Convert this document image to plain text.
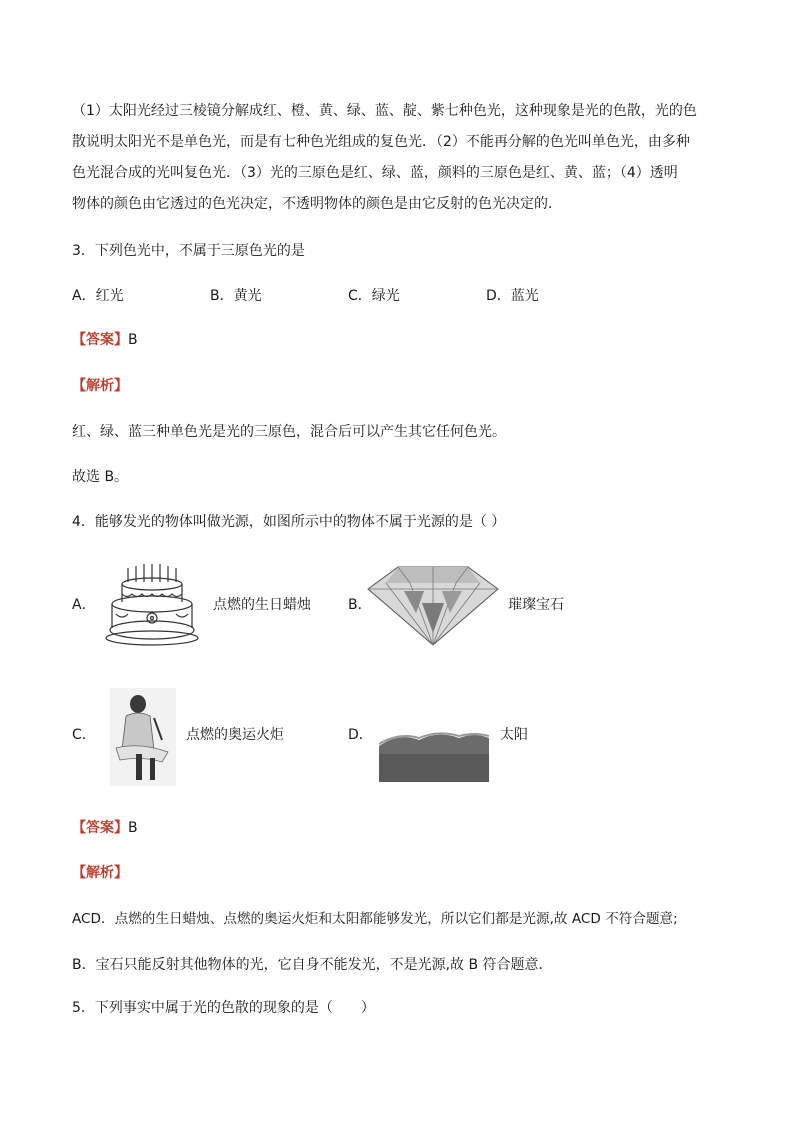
（1）太阳光经过三棱镜分解成红、橙、黄、绿、蓝、靛、紫七种色光，这种现象是光的色散，光的色
散说明太阳光不是单色光，而是有七种色光组成的复色光．（2）不能再分解的色光叫单色光，由多种
色光混合成的光叫复色光．（3）光的三原色是红、绿、蓝，颜料的三原色是红、黄、蓝；（4）透明
物体的颜色由它透过的色光决定，不透明物体的颜色是由它反射的色光决定的．
3．下列色光中，不属于三原色光的是
A．红光	B．黄光	C．绿光	D．蓝光
【答案】B
【解析】
红、绿、蓝三种单色光是光的三原色，混合后可以产生其它任何色光。
故选 B。
4．能够发光的物体叫做光源，如图所示中的物体不属于光源的是（ ）
A．	点燃的生日蜡烛	B．	璀璨宝石
C．	点燃的奥运火炬	D．	太阳
【答案】B
【解析】
ACD．点燃的生日蜡烛、点燃的奥运火炬和太阳都能够发光，所以它们都是光源,故 ACD 不符合题意;
B．宝石只能反射其他物体的光，它自身不能发光，不是光源,故 B 符合题意．
5．下列事实中属于光的色散的现象的是（　　）
